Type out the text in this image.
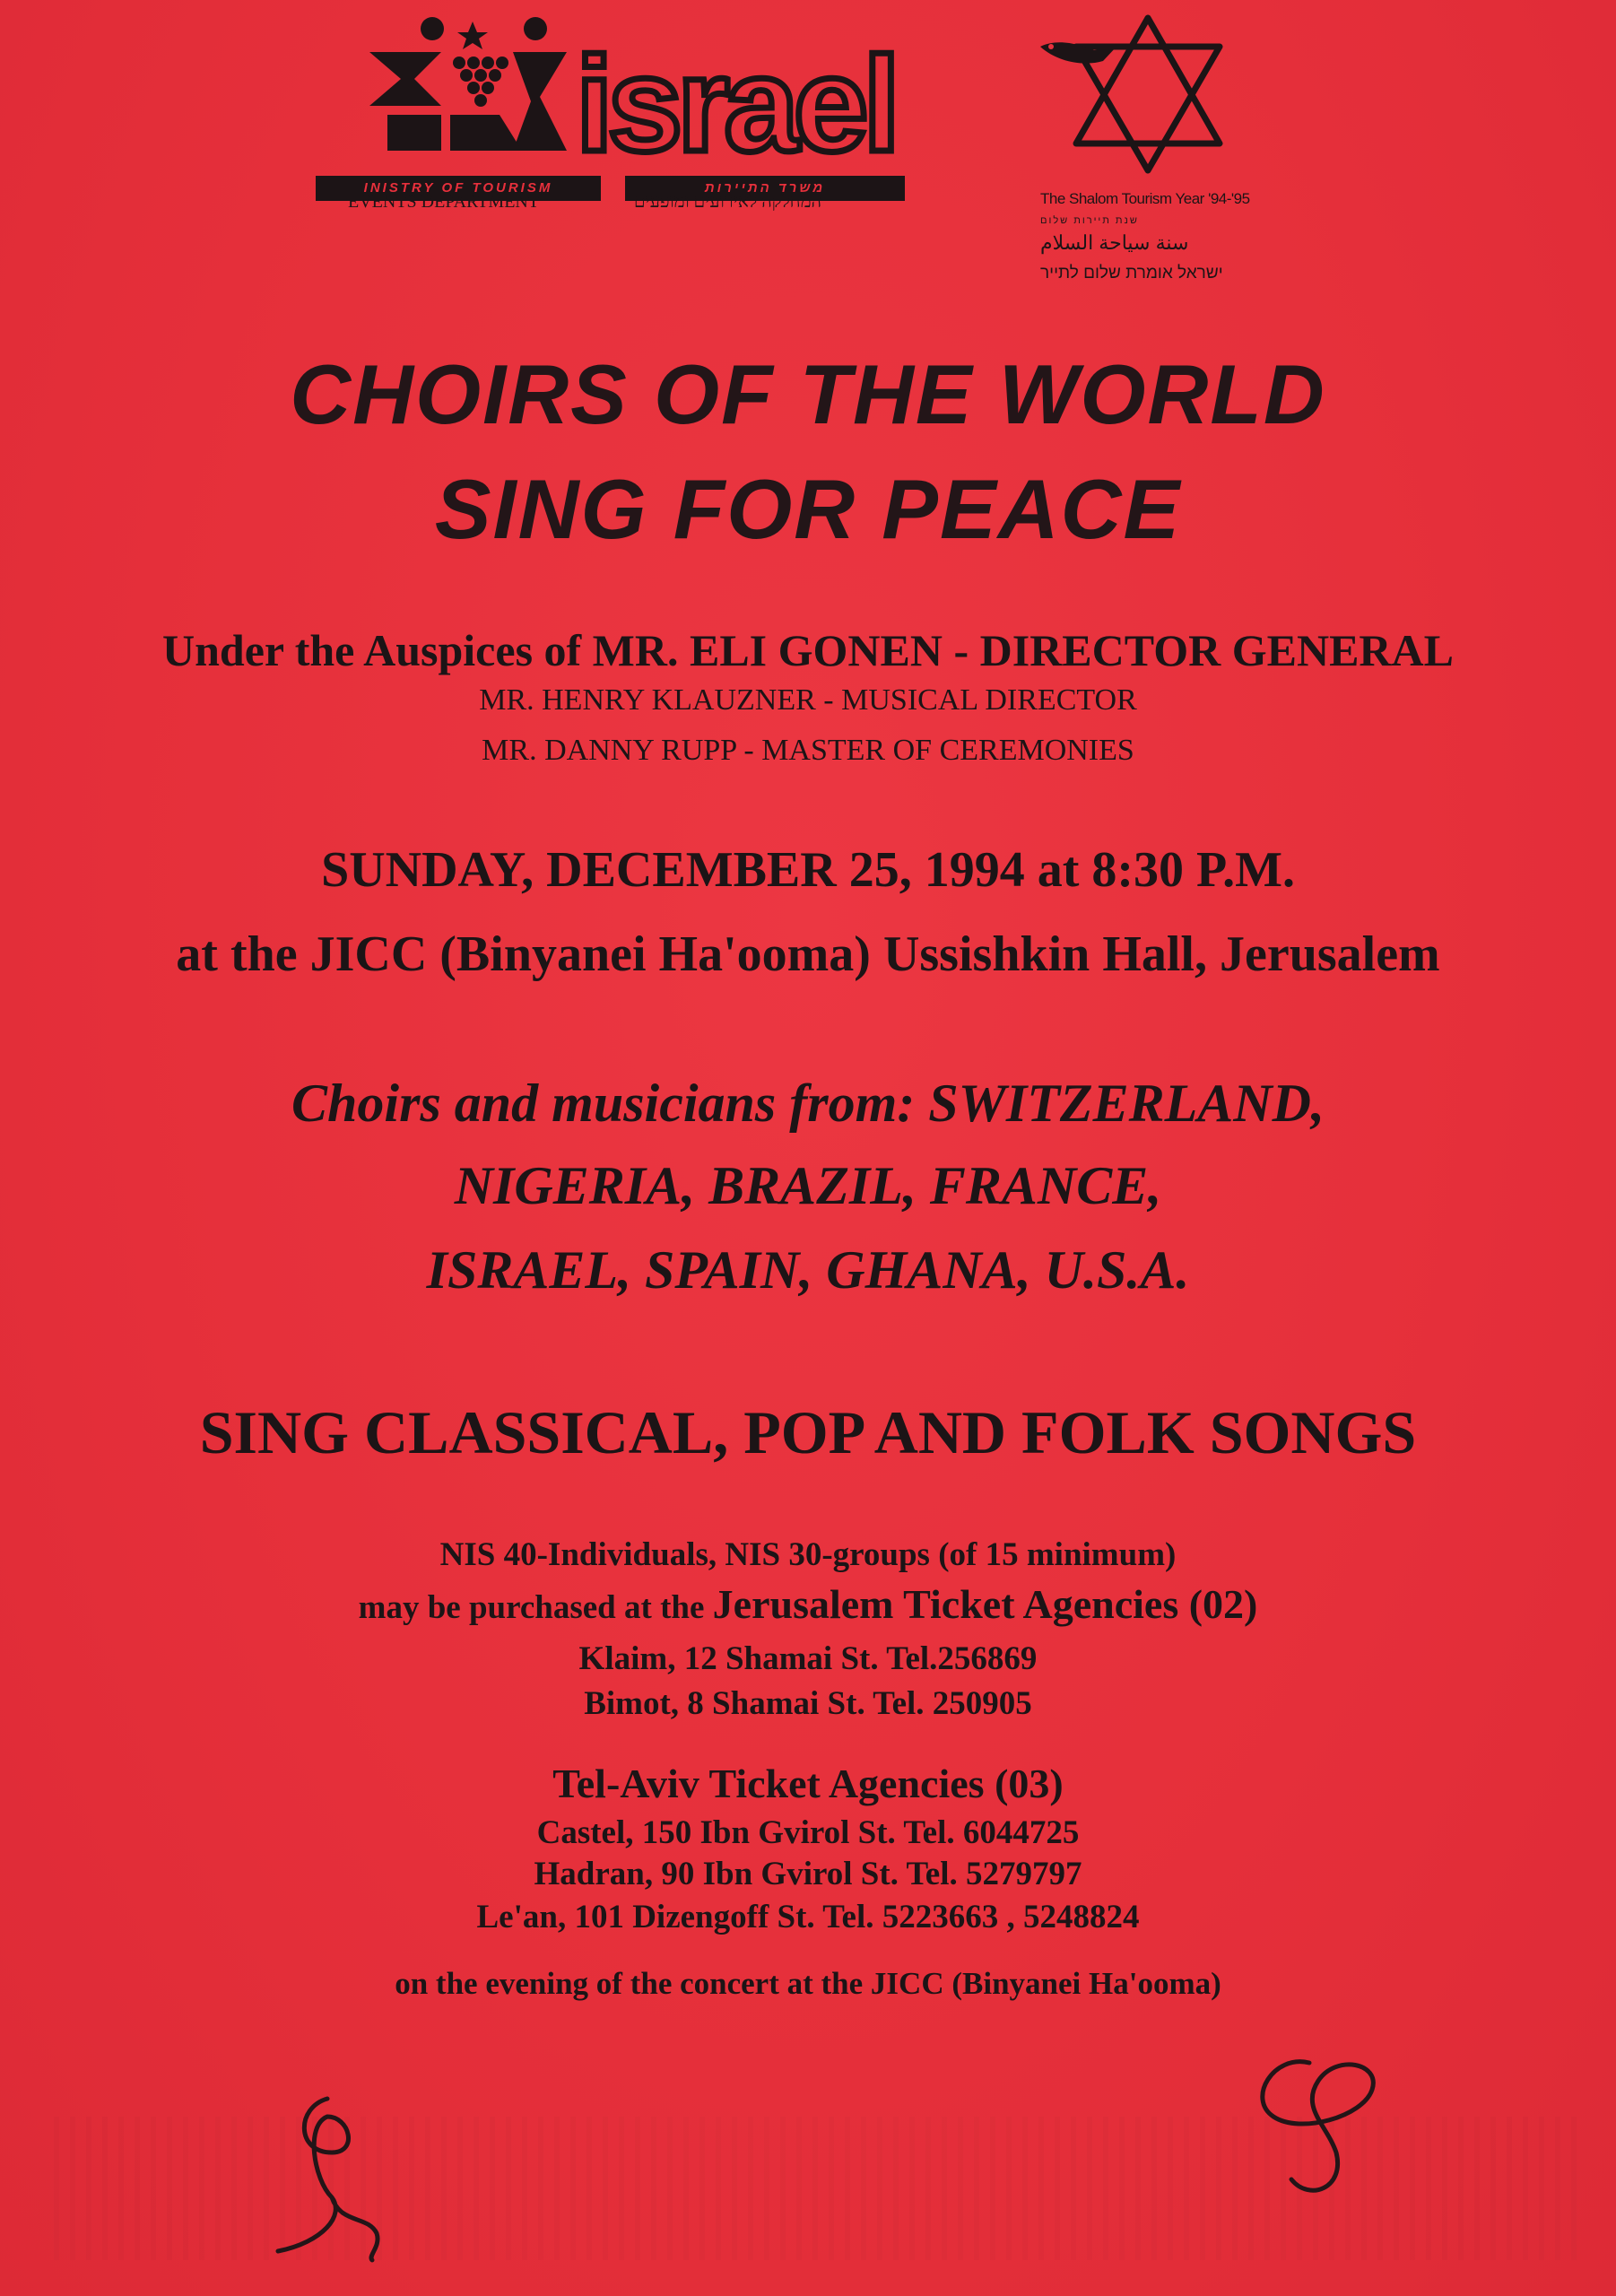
israel
INISTRY OF TOURISM	משרד התיירות
EVENTS DEPARTMENT	המחלקה לאירועים ומופעים	The Shalom Tourism Year '94-'95
שנת תיירות שלום
سنة سياحة السلام
ישראל אומרת שלום לתייר
CHOIRS OF THE WORLD
SING FOR PEACE
Under the Auspices of MR. ELI GONEN - DIRECTOR GENERAL
MR. HENRY KLAUZNER - MUSICAL DIRECTOR
MR. DANNY RUPP - MASTER OF CEREMONIES
SUNDAY, DECEMBER 25, 1994 at 8:30 P.M.
at the JICC (Binyanei Ha'ooma) Ussishkin Hall, Jerusalem
Choirs and musicians from: SWITZERLAND,
NIGERIA, BRAZIL, FRANCE,
ISRAEL, SPAIN, GHANA, U.S.A.
SING CLASSICAL, POP AND FOLK SONGS
NIS 40-Individuals, NIS 30-groups (of 15 minimum)
may be purchased at the Jerusalem Ticket Agencies (02)
Klaim, 12 Shamai St. Tel.256869
Bimot, 8 Shamai St. Tel. 250905
Tel-Aviv Ticket Agencies (03)
Castel, 150 Ibn Gvirol St. Tel. 6044725
Hadran, 90 Ibn Gvirol St. Tel. 5279797
Le'an, 101 Dizengoff St. Tel. 5223663 , 5248824
on the evening of the concert at the JICC (Binyanei Ha'ooma)
